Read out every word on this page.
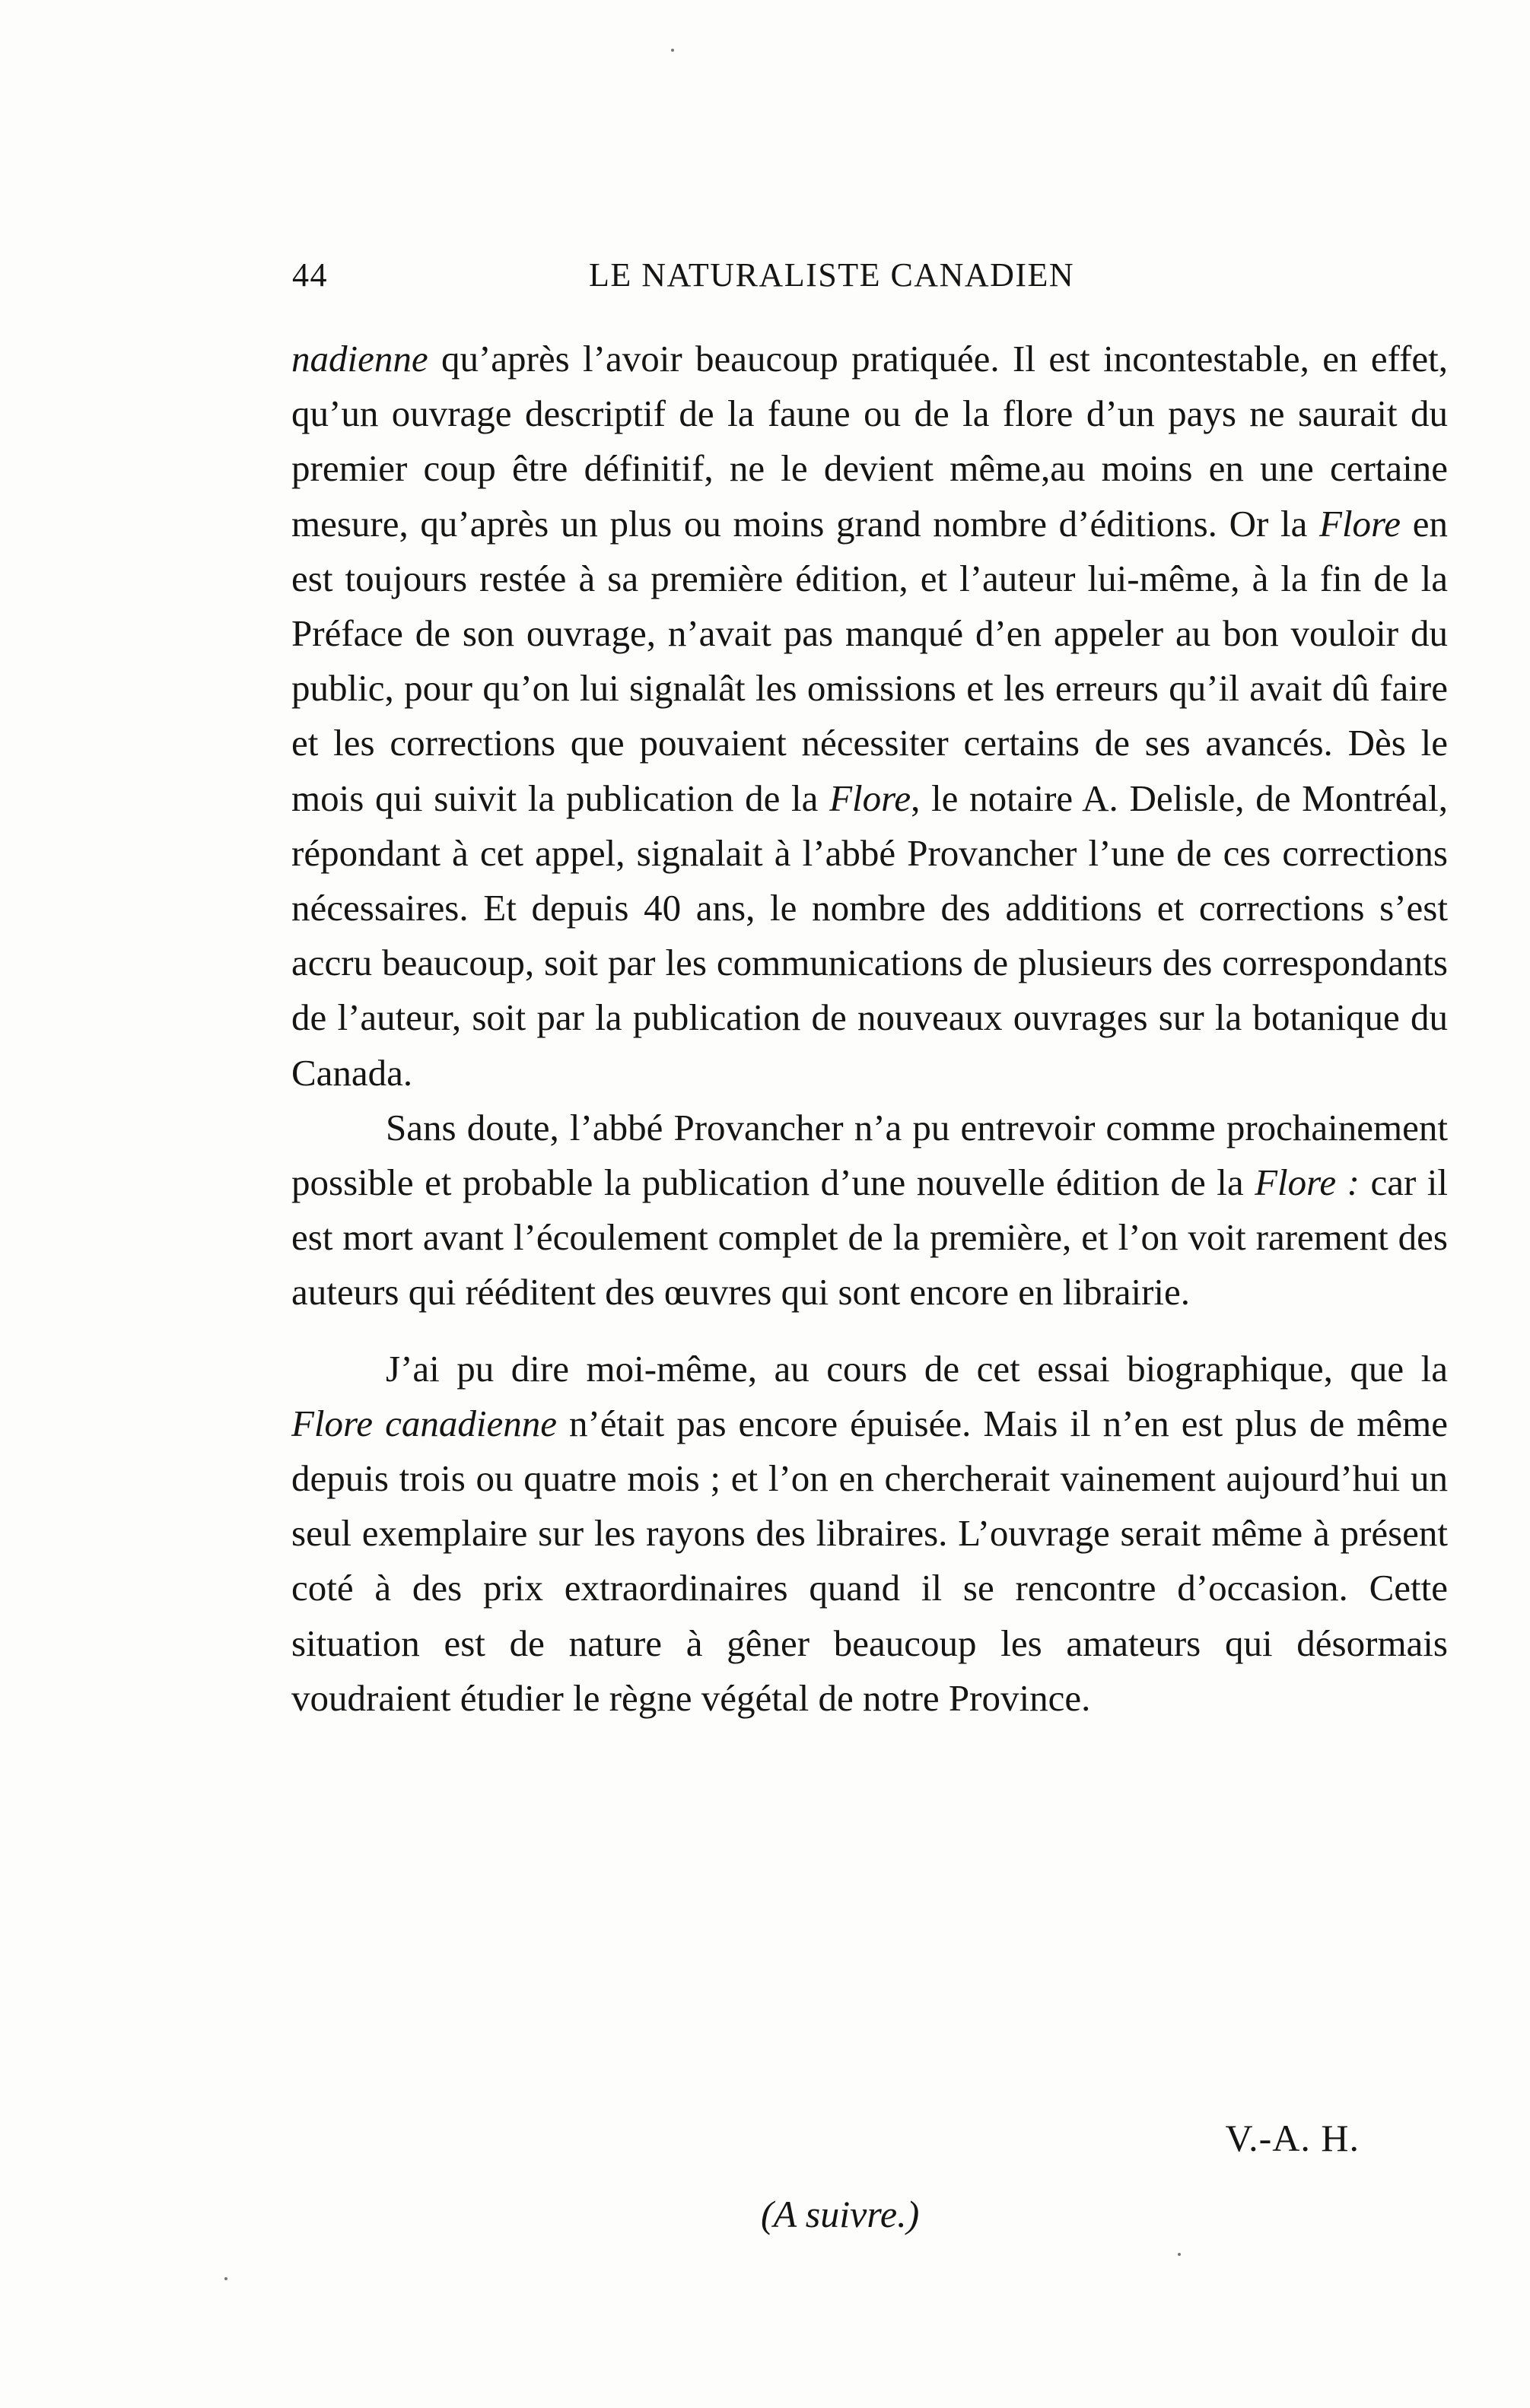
44	LE NATURALISTE CANADIEN

nadienne qu’après l’avoir beaucoup pratiquée. Il est incontestable, en effet, qu’un ouvrage descriptif de la faune ou de la flore d’un pays ne saurait du premier coup être définitif, ne le devient même,au moins en une certaine mesure, qu’après un plus ou moins grand nombre d’éditions. Or la Flore en est toujours restée à sa première édition, et l’auteur lui-même, à la fin de la Préface de son ouvrage, n’avait pas manqué d’en appeler au bon vouloir du public, pour qu’on lui signalât les omissions et les erreurs qu’il avait dû faire et les corrections que pouvaient nécessiter certains de ses avancés. Dès le mois qui suivit la publication de la Flore, le notaire A. Delisle, de Montréal, répondant à cet appel, signalait à l’abbé Provancher l’une de ces corrections nécessaires. Et depuis 40 ans, le nombre des additions et corrections s’est accru beaucoup, soit par les communications de plusieurs des correspondants de l’auteur, soit par la publication de nouveaux ouvrages sur la botanique du Canada.

Sans doute, l’abbé Provancher n’a pu entrevoir comme prochainement possible et probable la publication d’une nouvelle édition de la Flore : car il est mort avant l’écoulement complet de la première, et l’on voit rarement des auteurs qui rééditent des œuvres qui sont encore en librairie.

J’ai pu dire moi-même, au cours de cet essai biographique, que la Flore canadienne n’était pas encore épuisée. Mais il n’en est plus de même depuis trois ou quatre mois ; et l’on en chercherait vainement aujourd’hui un seul exemplaire sur les rayons des libraires. L’ouvrage serait même à présent coté à des prix extraordinaires quand il se rencontre d’occasion. Cette situation est de nature à gêner beaucoup les amateurs qui désormais voudraient étudier le règne végétal de notre Province.

V.-A. H.
(A suivre.)
